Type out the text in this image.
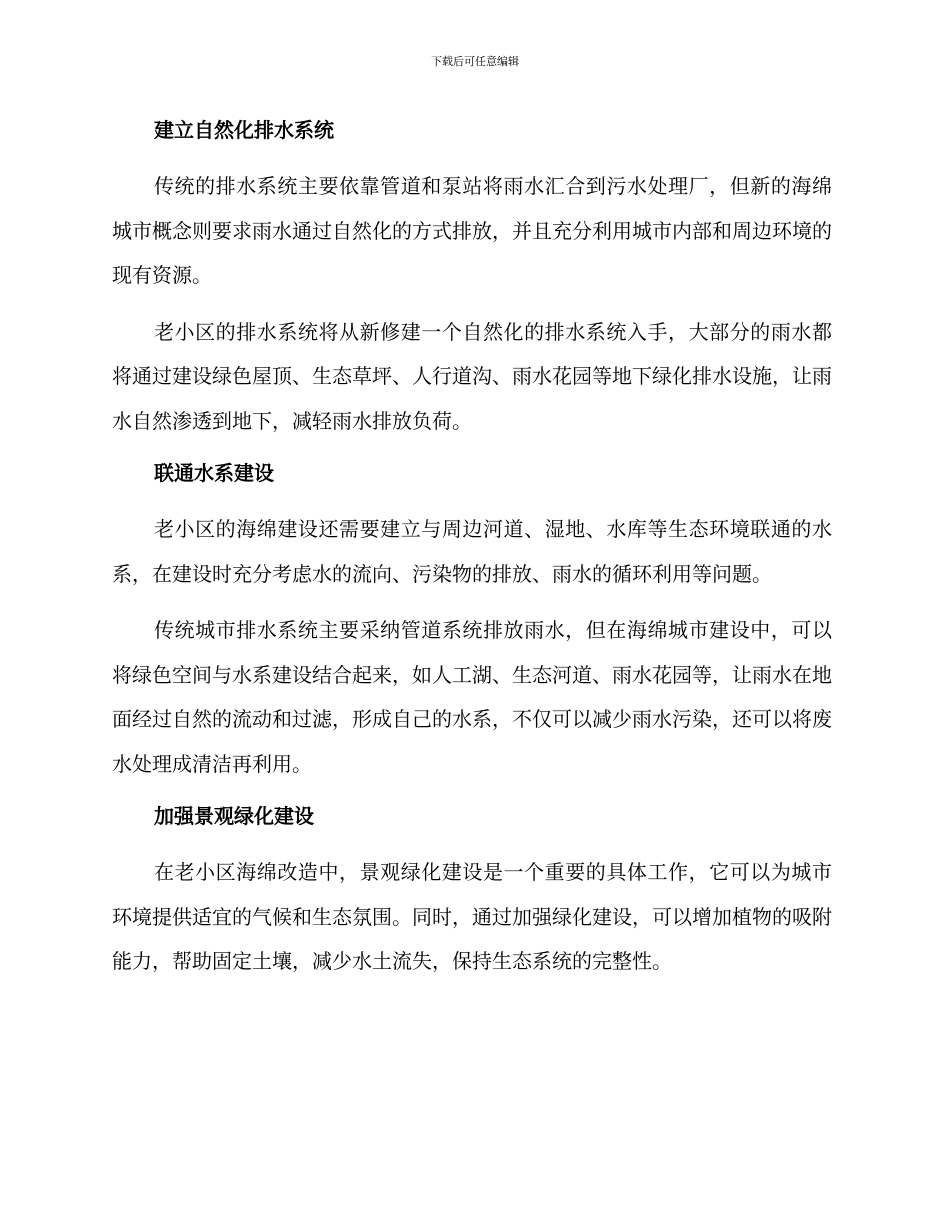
下载后可任意编辑
建立自然化排水系统

传统的排水系统主要依靠管道和泵站将雨水汇合到污水处理厂，但新的海绵城市概念则要求雨水通过自然化的方式排放，并且充分利用城市内部和周边环境的现有资源。

老小区的排水系统将从新修建一个自然化的排水系统入手，大部分的雨水都将通过建设绿色屋顶、生态草坪、人行道沟、雨水花园等地下绿化排水设施，让雨水自然渗透到地下，减轻雨水排放负荷。

联通水系建设

老小区的海绵建设还需要建立与周边河道、湿地、水库等生态环境联通的水系，在建设时充分考虑水的流向、污染物的排放、雨水的循环利用等问题。

传统城市排水系统主要采纳管道系统排放雨水，但在海绵城市建设中，可以将绿色空间与水系建设结合起来，如人工湖、生态河道、雨水花园等，让雨水在地面经过自然的流动和过滤，形成自己的水系，不仅可以减少雨水污染，还可以将废水处理成清洁再利用。

加强景观绿化建设

在老小区海绵改造中，景观绿化建设是一个重要的具体工作，它可以为城市环境提供适宜的气候和生态氛围。同时，通过加强绿化建设，可以增加植物的吸附能力，帮助固定土壤，减少水土流失，保持生态系统的完整性。
